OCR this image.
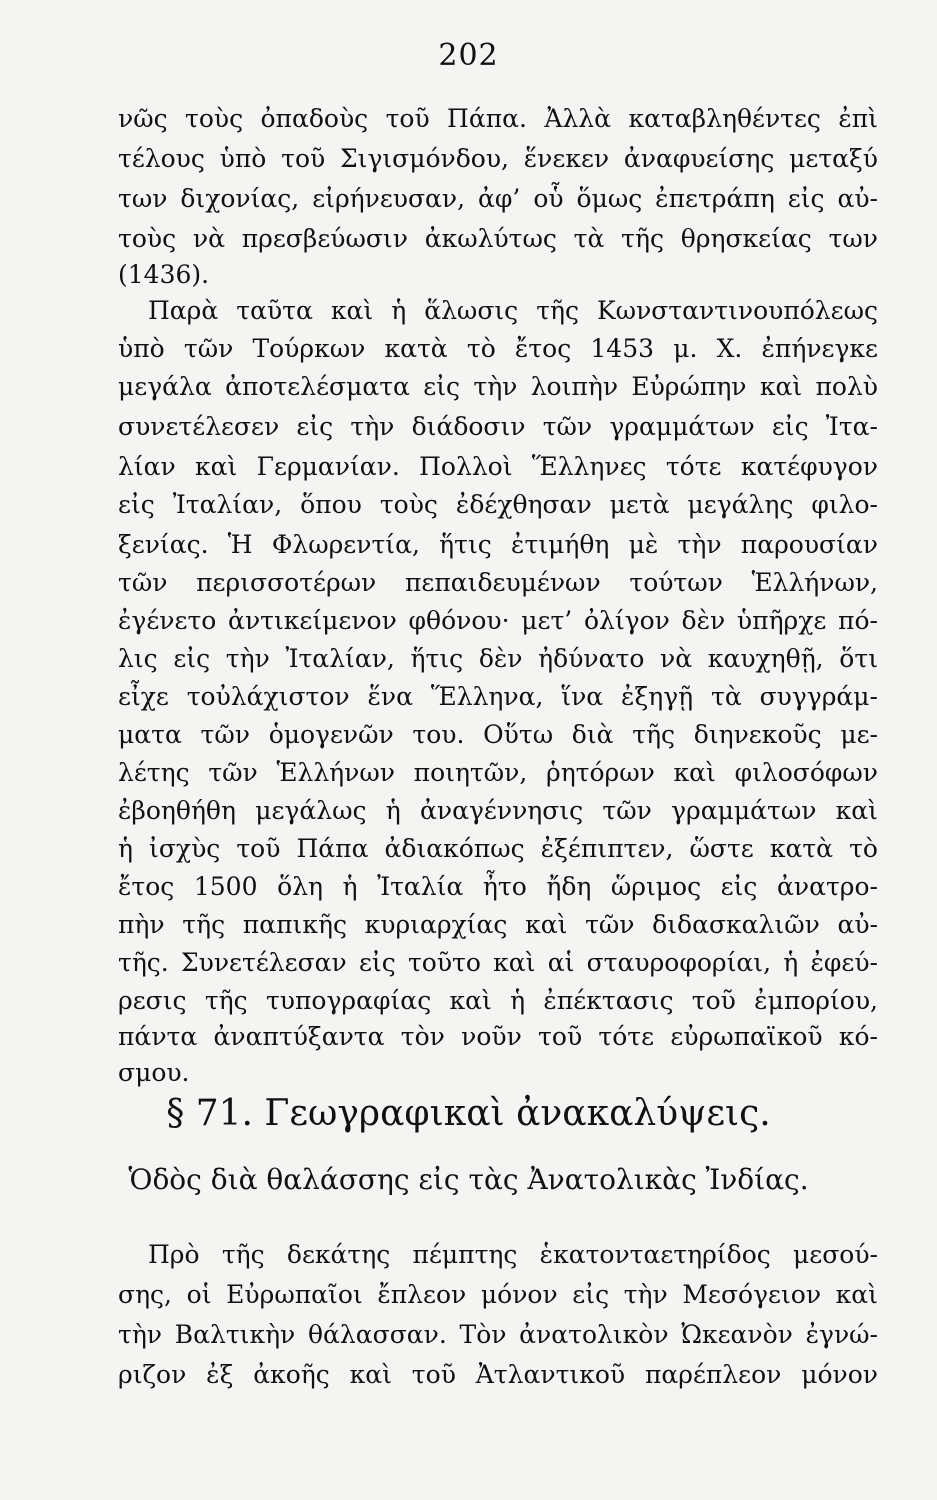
202
νῶς τοὺς ὀπαδοὺς τοῦ Πάπα. Ἀλλὰ καταβληθέντες ἐπὶ
τέλους ὑπὸ τοῦ Σιγισμόνδου, ἕνεκεν ἀναφυείσης μεταξύ
των διχονίας, εἰρήνευσαν, ἀφ’ οὗ ὅμως ἐπετράπη εἰς αὐ-
τοὺς νὰ πρεσβεύωσιν ἀκωλύτως τὰ τῆς θρησκείας των
(1436).
Παρὰ ταῦτα καὶ ἡ ἅλωσις τῆς Κωνσταντινουπόλεως
ὑπὸ τῶν Τούρκων κατὰ τὸ ἔτος 1453 μ. Χ. ἐπήνεγκε
μεγάλα ἀποτελέσματα εἰς τὴν λοιπὴν Εὐρώπην καὶ πολὺ
συνετέλεσεν εἰς τὴν διάδοσιν τῶν γραμμάτων εἰς Ἰτα-
λίαν καὶ Γερμανίαν. Πολλοὶ Ἕλληνες τότε κατέφυγον
εἰς Ἰταλίαν, ὅπου τοὺς ἐδέχθησαν μετὰ μεγάλης φιλο-
ξενίας. Ἡ Φλωρεντία, ἥτις ἐτιμήθη μὲ τὴν παρουσίαν
τῶν περισσοτέρων πεπαιδευμένων τούτων Ἑλλήνων,
ἐγένετο ἀντικείμενον φθόνου· μετ’ ὀλίγον δὲν ὑπῆρχε πό-
λις εἰς τὴν Ἰταλίαν, ἥτις δὲν ἠδύνατο νὰ καυχηθῇ, ὅτι
εἶχε τοὐλάχιστον ἕνα Ἕλληνα, ἵνα ἐξηγῇ τὰ συγγράμ-
ματα τῶν ὁμογενῶν του. Οὕτω διὰ τῆς διηνεκοῦς με-
λέτης τῶν Ἑλλήνων ποιητῶν, ῥητόρων καὶ φιλοσόφων
ἐβοηθήθη μεγάλως ἡ ἀναγέννησις τῶν γραμμάτων καὶ
ἡ ἰσχὺς τοῦ Πάπα ἀδιακόπως ἐξέπιπτεν, ὥστε κατὰ τὸ
ἔτος 1500 ὅλη ἡ Ἰταλία ἦτο ἤδη ὥριμος εἰς ἀνατρο-
πὴν τῆς παπικῆς κυριαρχίας καὶ τῶν διδασκαλιῶν αὐ-
τῆς. Συνετέλεσαν εἰς τοῦτο καὶ αἱ σταυροφορίαι, ἡ ἐφεύ-
ρεσις τῆς τυπογραφίας καὶ ἡ ἐπέκτασις τοῦ ἐμπορίου,
πάντα ἀναπτύξαντα τὸν νοῦν τοῦ τότε εὐρωπαϊκοῦ κό-
σμου.
§ 71. Γεωγραφικαὶ ἀνακαλύψεις.
Ὁδὸς διὰ θαλάσσης εἰς τὰς Ἀνατολικὰς Ἰνδίας.
Πρὸ τῆς δεκάτης πέμπτης ἑκατονταετηρίδος μεσού-
σης, οἱ Εὐρωπαῖοι ἔπλεον μόνον εἰς τὴν Μεσόγειον καὶ
τὴν Βαλτικὴν θάλασσαν. Τὸν ἀνατολικὸν Ὠκεανὸν ἐγνώ-
ριζον ἐξ ἀκοῆς καὶ τοῦ Ἀτλαντικοῦ παρέπλεον μόνον
